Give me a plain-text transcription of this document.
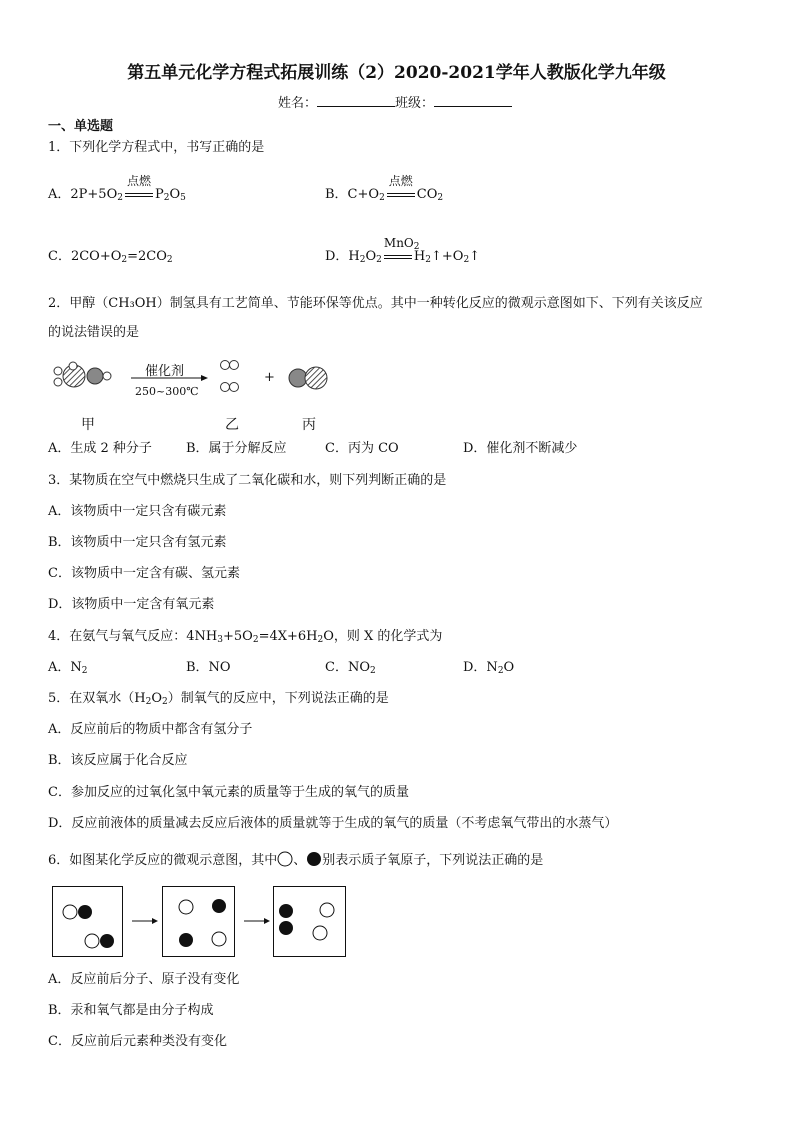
第五单元化学方程式拓展训练（2）2020-2021学年人教版化学九年级
姓名：	班级：
一、单选题
1．下列化学方程式中，书写正确的是
A．$2P+5O_2$
点燃
$P_2O_5$	B．$C+O_2$
点燃
$CO_2$
C．$2CO+O_2=2CO_2$	D．$H_2O_2$
MnO$_2$
$H_2↑+O_2↑$
2．甲醇（CH₃OH）制氢具有工艺简单、节能环保等优点。其中一种转化反应的微观示意图如下、下列有关该反应
的说法错误的是
催化剂
250~300℃
+
甲	乙	丙
A．生成 2 种分子	B．属于分解反应	C．丙为 CO	D．催化剂不断减少
3．某物质在空气中燃烧只生成了二氧化碳和水，则下列判断正确的是
A．该物质中一定只含有碳元素
B．该物质中一定只含有氢元素
C．该物质中一定含有碳、氢元素
D．该物质中一定含有氧元素
4．在氨气与氧气反应：$4NH_3+5O_2=4X+6H_2O$，则 X 的化学式为
A．$N_2$	B．NO	C．$NO_2$	D．$N_2O$
5．在双氧水$(H_2O_2)$制氧气的反应中，下列说法正确的是
A．反应前后的物质中都含有氢分子
B．该反应属于化合反应
C．参加反应的过氧化氢中氧元素的质量等于生成的氧气的质量
D．反应前液体的质量减去反应后液体的质量就等于生成的氧气的质量（不考虑氧气带出的水蒸气）
6．如图某化学反应的微观示意图，其中 、 别表示质子氧原子，下列说法正确的是
A．反应前后分子、原子没有变化
B．汞和氧气都是由分子构成
C．反应前后元素种类没有变化
